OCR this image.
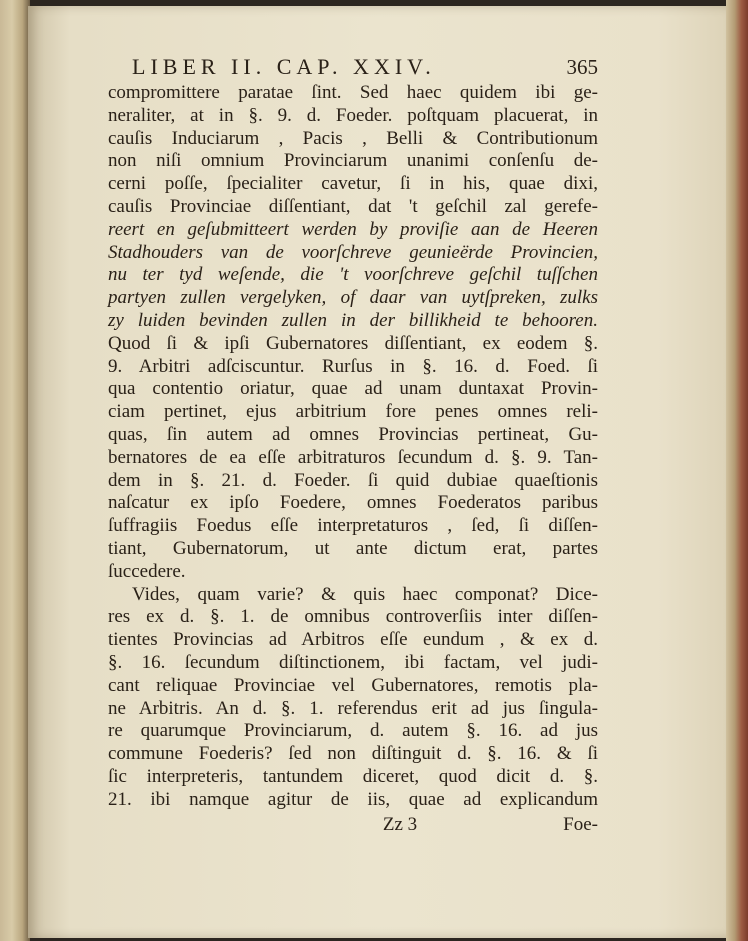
LIBER II. CAP. XXIV.	365
compromittere paratae ſint. Sed haec quidem ibi ge-
neraliter, at in §. 9. d. Foeder. poſtquam placuerat, in
cauſis Induciarum , Pacis , Belli & Contributionum
non niſi omnium Provinciarum unanimi conſenſu de-
cerni poſſe, ſpecialiter cavetur, ſi in his, quae dixi,
cauſis Provinciae diſſentiant, dat 't geſchil zal gerefe-
reert en geſubmitteert werden by proviſie aan de Heeren
Stadhouders van de voorſchreve geunieërde Provincien,
nu ter tyd weſende, die 't voorſchreve geſchil tuſſchen
partyen zullen vergelyken, of daar van uytſpreken, zulks
zy luiden bevinden zullen in der billikheid te behooren.
Quod ſi & ipſi Gubernatores diſſentiant, ex eodem §.
9. Arbitri adſciscuntur. Rurſus in §. 16. d. Foed. ſi
qua contentio oriatur, quae ad unam duntaxat Provin-
ciam pertinet, ejus arbitrium fore penes omnes reli-
quas, ſin autem ad omnes Provincias pertineat, Gu-
bernatores de ea eſſe arbitraturos ſecundum d. §. 9. Tan-
dem in §. 21. d. Foeder. ſi quid dubiae quaeſtionis
naſcatur ex ipſo Foedere, omnes Foederatos paribus
ſuffragiis Foedus eſſe interpretaturos , ſed, ſi diſſen-
tiant, Gubernatorum, ut ante dictum erat, partes
ſuccedere.
Vides, quam varie? & quis haec componat? Dice-
res ex d. §. 1. de omnibus controverſiis inter diſſen-
tientes Provincias ad Arbitros eſſe eundum , & ex d.
§. 16. ſecundum diſtinctionem, ibi factam, vel judi-
cant reliquae Provinciae vel Gubernatores, remotis pla-
ne Arbitris. An d. §. 1. referendus erit ad jus ſingula-
re quarumque Provinciarum, d. autem §. 16. ad jus
commune Foederis? ſed non diſtinguit d. §. 16. & ſi
ſic interpreteris, tantundem diceret, quod dicit d. §.
21. ibi namque agitur de iis, quae ad explicandum
Zz 3	Foe-
